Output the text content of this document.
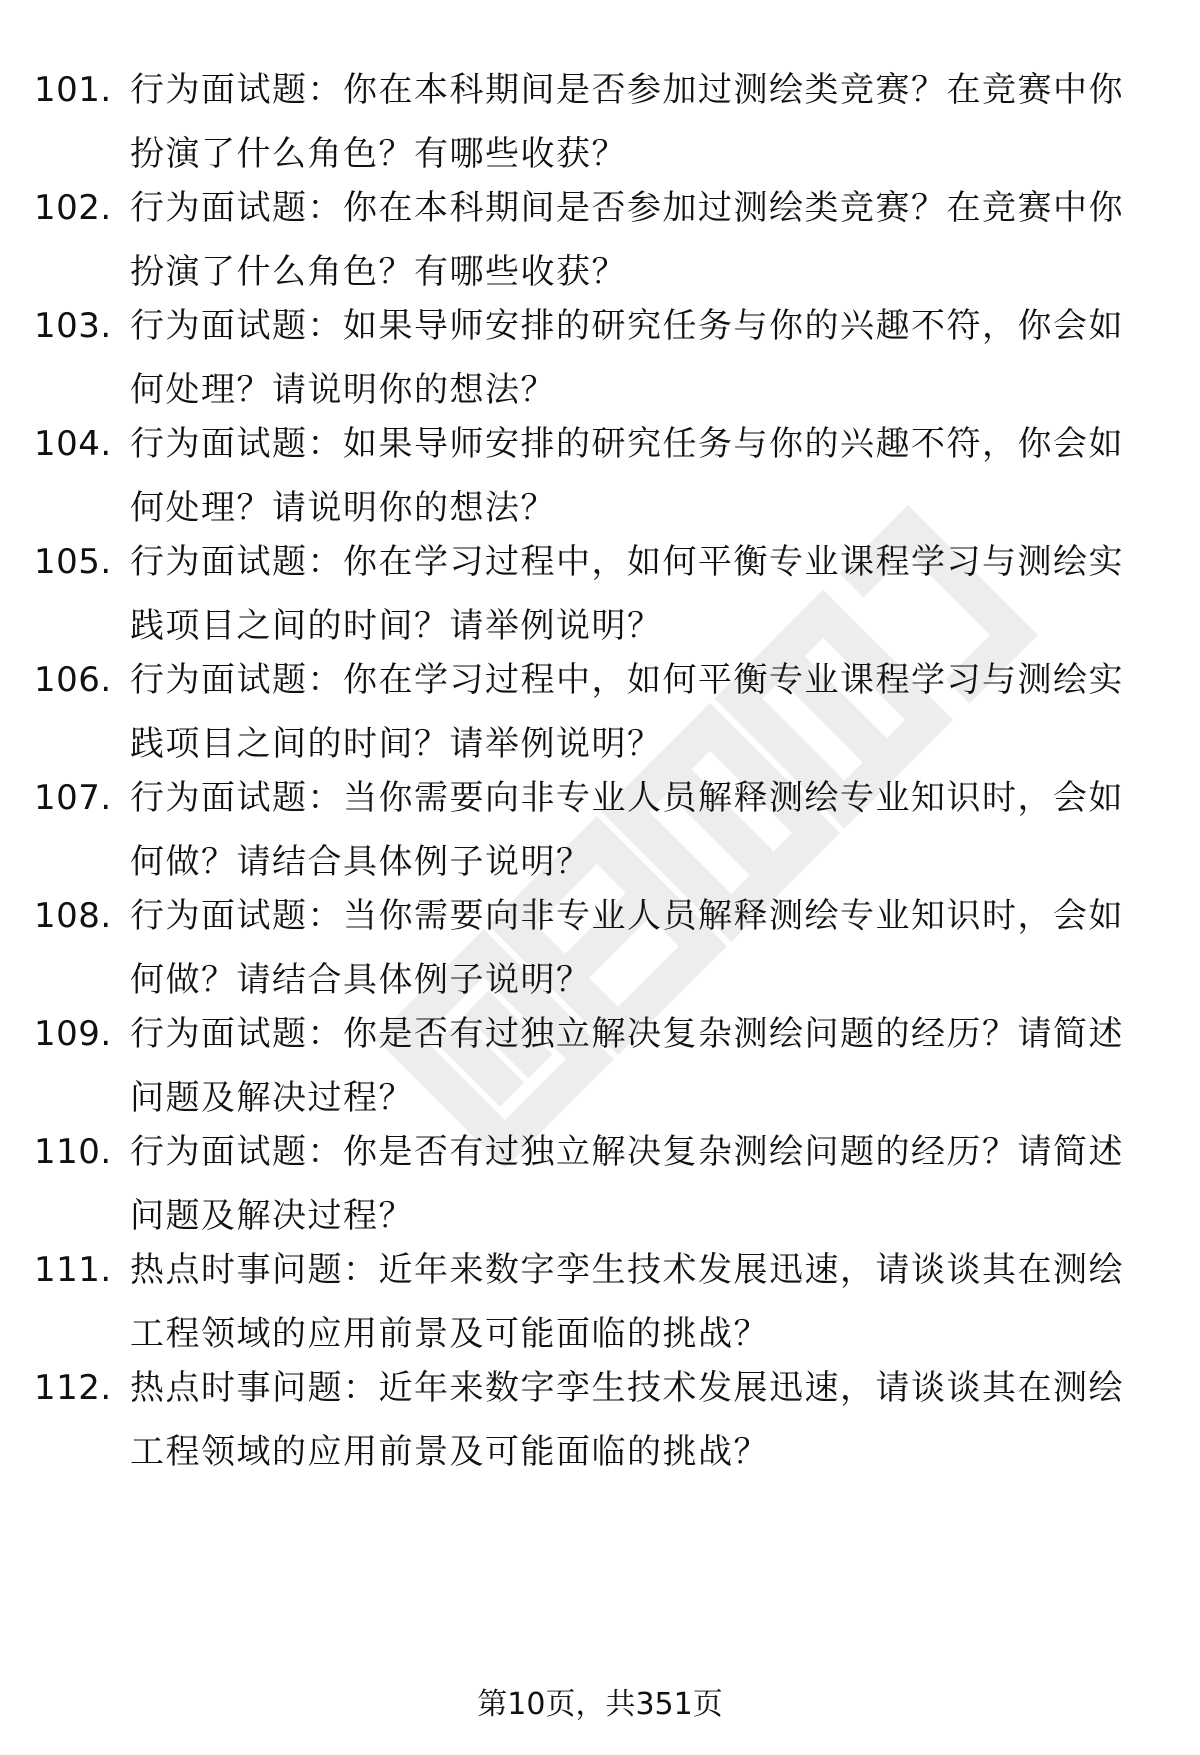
101. 行为面试题：你在本科期间是否参加过测绘类竞赛？在竞赛中你
扮演了什么角色？有哪些收获？
102. 行为面试题：你在本科期间是否参加过测绘类竞赛？在竞赛中你
扮演了什么角色？有哪些收获？
103. 行为面试题：如果导师安排的研究任务与你的兴趣不符，你会如
何处理？请说明你的想法？
104. 行为面试题：如果导师安排的研究任务与你的兴趣不符，你会如
何处理？请说明你的想法？
105. 行为面试题：你在学习过程中，如何平衡专业课程学习与测绘实
践项目之间的时间？请举例说明？
106. 行为面试题：你在学习过程中，如何平衡专业课程学习与测绘实
践项目之间的时间？请举例说明？
107. 行为面试题：当你需要向非专业人员解释测绘专业知识时，会如
何做？请结合具体例子说明？
108. 行为面试题：当你需要向非专业人员解释测绘专业知识时，会如
何做？请结合具体例子说明？
109. 行为面试题：你是否有过独立解决复杂测绘问题的经历？请简述
问题及解决过程？
110. 行为面试题：你是否有过独立解决复杂测绘问题的经历？请简述
问题及解决过程？
111. 热点时事问题：近年来数字孪生技术发展迅速，请谈谈其在测绘
工程领域的应用前景及可能面临的挑战？
112. 热点时事问题：近年来数字孪生技术发展迅速，请谈谈其在测绘
工程领域的应用前景及可能面临的挑战？
第10页，共351页
